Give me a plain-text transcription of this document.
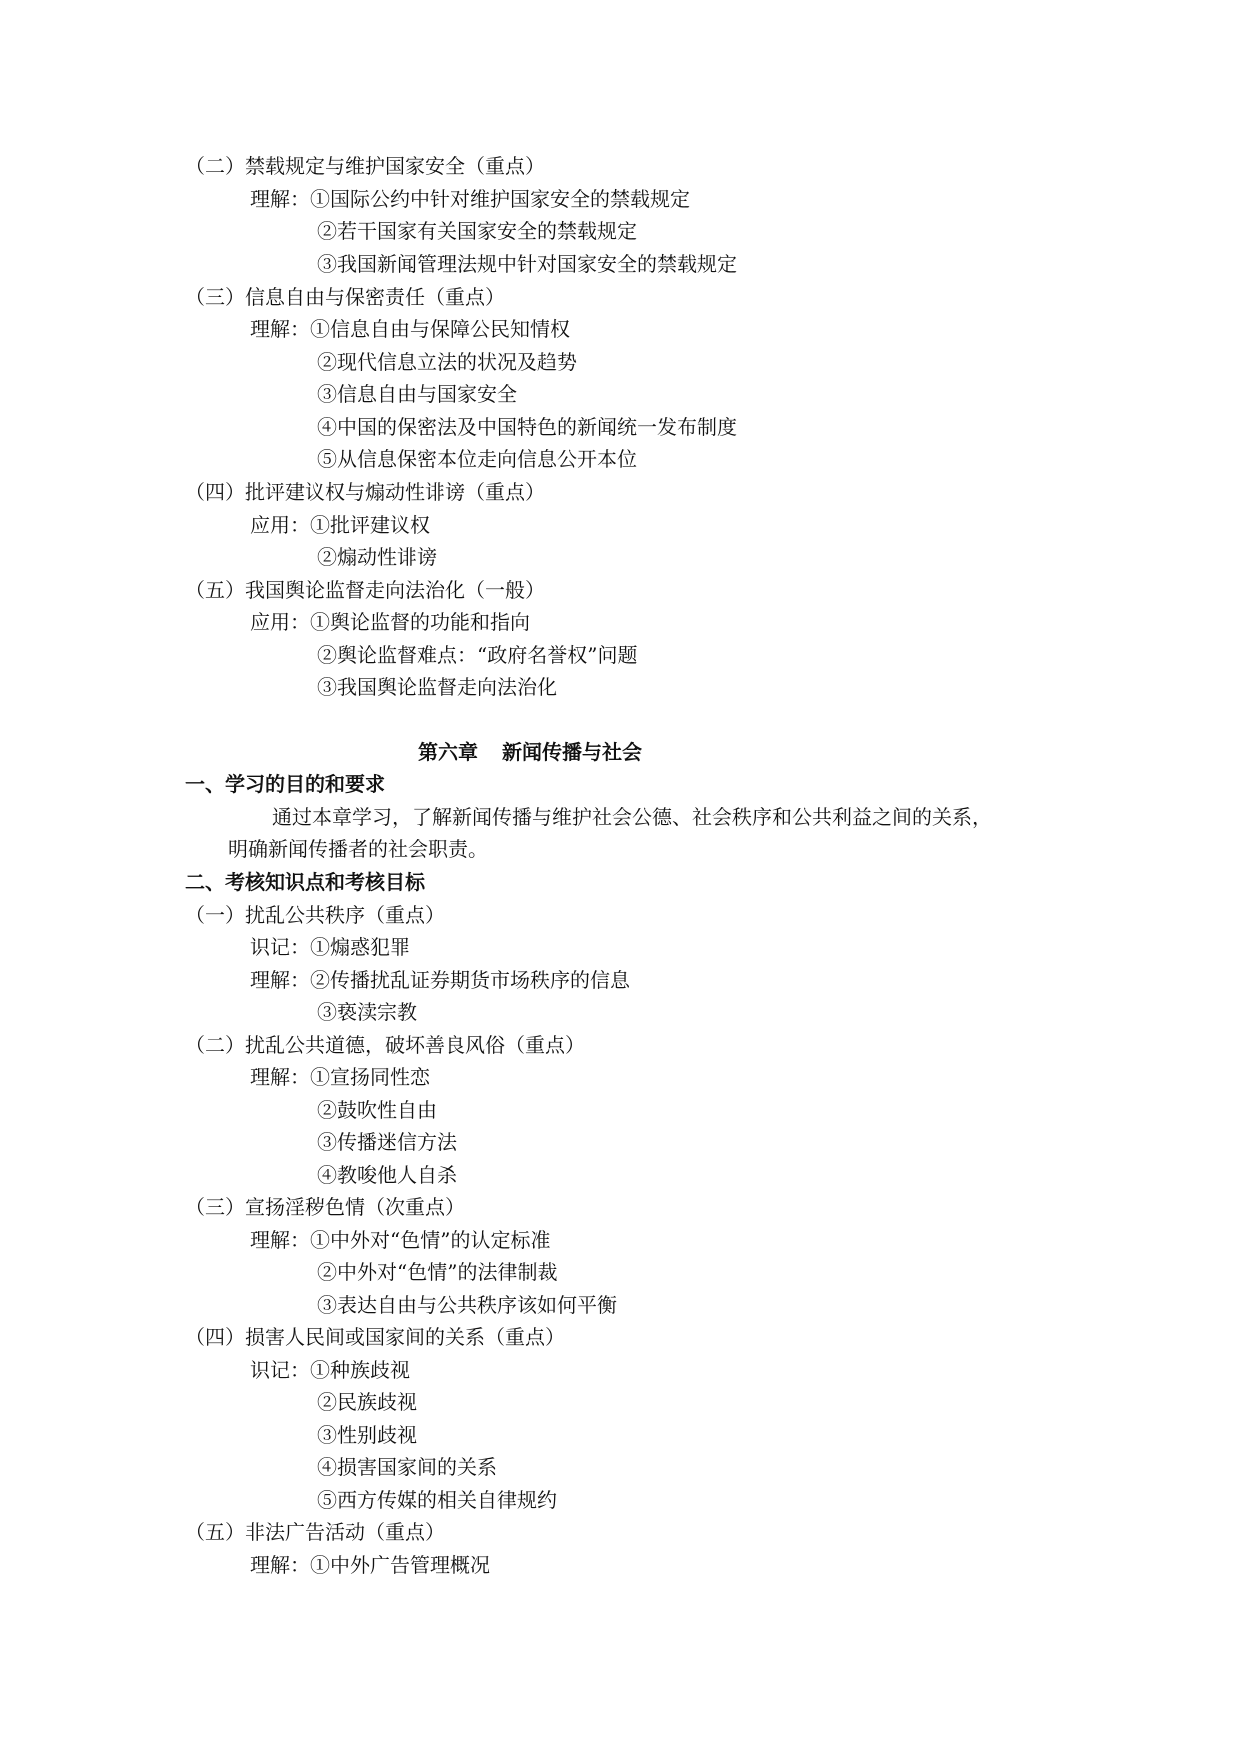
（二）禁载规定与维护国家安全（重点）
理解：①国际公约中针对维护国家安全的禁载规定
②若干国家有关国家安全的禁载规定
③我国新闻管理法规中针对国家安全的禁载规定
（三）信息自由与保密责任（重点）
理解：①信息自由与保障公民知情权
②现代信息立法的状况及趋势
③信息自由与国家安全
④中国的保密法及中国特色的新闻统一发布制度
⑤从信息保密本位走向信息公开本位
（四）批评建议权与煽动性诽谤（重点）
应用：①批评建议权
②煽动性诽谤
（五）我国舆论监督走向法治化（一般）
应用：①舆论监督的功能和指向
②舆论监督难点：“政府名誉权”问题
③我国舆论监督走向法治化
第六章 新闻传播与社会
一、学习的目的和要求
通过本章学习，了解新闻传播与维护社会公德、社会秩序和公共利益之间的关系，
明确新闻传播者的社会职责。
二、考核知识点和考核目标
（一）扰乱公共秩序（重点）
识记：①煽惑犯罪
理解：②传播扰乱证券期货市场秩序的信息
③亵渎宗教
（二）扰乱公共道德，破坏善良风俗（重点）
理解：①宣扬同性恋
②鼓吹性自由
③传播迷信方法
④教唆他人自杀
（三）宣扬淫秽色情（次重点）
理解：①中外对“色情”的认定标准
②中外对“色情”的法律制裁
③表达自由与公共秩序该如何平衡
（四）损害人民间或国家间的关系（重点）
识记：①种族歧视
②民族歧视
③性别歧视
④损害国家间的关系
⑤西方传媒的相关自律规约
（五）非法广告活动（重点）
理解：①中外广告管理概况
